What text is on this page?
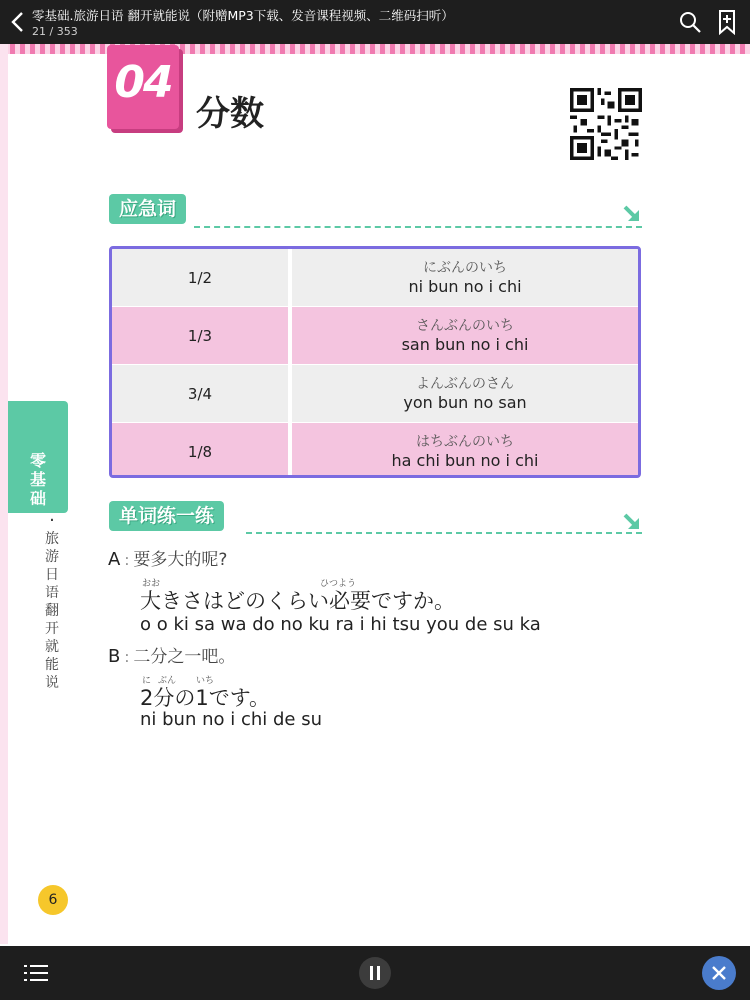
零基础.旅游日语 翻开就能说（附赠MP3下载、发音课程视频、二维码扫听）
21 / 353
04
分数
应急词
1/2
にぶんのいち
ni bun no i chi
1/3
さんぶんのいち
san bun no i chi
3/4
よんぶんのさん
yon bun no san
1/8
はちぶんのいち
ha chi bun no i chi
单词练一练
A : 要多大的呢?
おお	ひつよう
大きさはどのくらい必要ですか。
o o ki sa wa do no ku ra i hi tsu you de su ka
B : 二分之一吧。
に ぶん いち
2分の1です。
ni bun no i chi de su
零基础
旅游日语　翻开就能说
·
6
